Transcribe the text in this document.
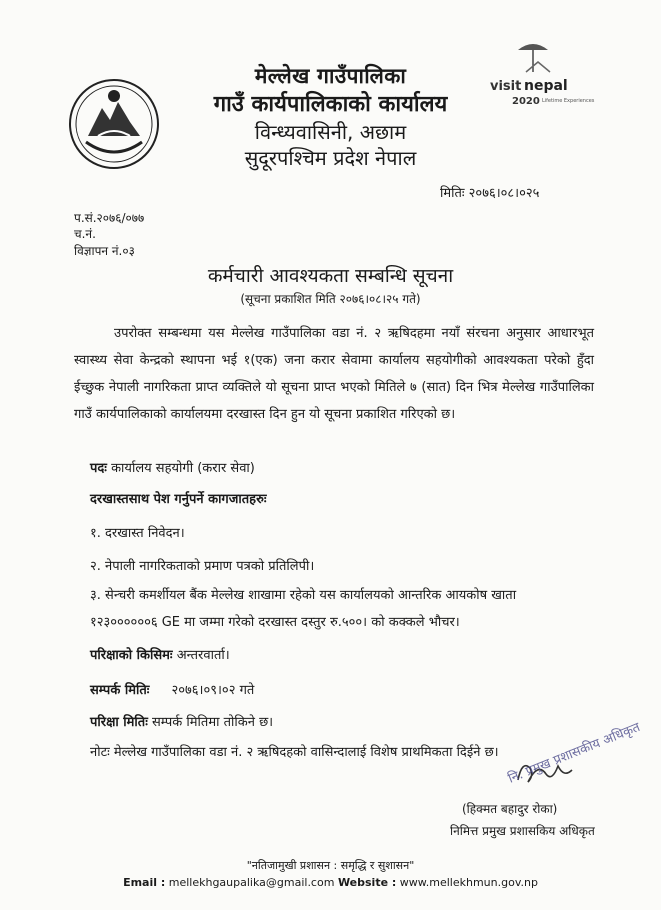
visit nepal
2020 Lifetime Experiences
मेल्लेख गाउँपालिका
गाउँ कार्यपालिकाको कार्यालय
विन्ध्यवासिनी, अछाम
सुदूरपश्चिम प्रदेश नेपाल
मितिः २०७६।०८।०२५
प.सं.२०७६/०७७
च.नं.
विज्ञापन नं.०३
कर्मचारी आवश्यकता सम्बन्धि सूचना
(सूचना प्रकाशित मिति २०७६।०८।२५ गते)
उपरोक्त सम्बन्धमा यस मेल्लेख गाउँपालिका वडा नं. २ ऋषिदहमा नयाँ संरचना अनुसार आधारभूत स्वास्थ्य सेवा केन्द्रको स्थापना भई १(एक) जना करार सेवामा कार्यालय सहयोगीको आवश्यकता परेको हुँदा ईच्छुक नेपाली नागरिकता प्राप्त व्यक्तिले यो सूचना प्राप्त भएको मितिले ७ (सात) दिन भित्र मेल्लेख गाउँपालिका गाउँ कार्यपालिकाको कार्यालयमा दरखास्त दिन हुन यो सूचना प्रकाशित गरिएको छ।
पदः कार्यालय सहयोगी (करार सेवा)
दरखास्तसाथ पेश गर्नुपर्ने कागजातहरुः
१. दरखास्त निवेदन।
२. नेपाली नागरिकताको प्रमाण पत्रको प्रतिलिपी।
३. सेन्चरी कमर्शीयल बैंक मेल्लेख शाखामा रहेको यस कार्यालयको आन्तरिक आयकोष खाता
१२३००००००६ GE मा जम्मा गरेको दरखास्त दस्तुर रु.५००। को कक्कले भौचर।
परिक्षाको किसिमः अन्तरवार्ता।
सम्पर्क मितिः २०७६।०९।०२ गते
परिक्षा मितिः सम्पर्क मितिमा तोकिने छ।
नोटः मेल्लेख गाउँपालिका वडा नं. २ ऋषिदहको वासिन्दालाई विशेष प्राथमिकता दिईने छ। नि. प्रमुख प्रशासकीय अधिकृत
(हिक्मत बहादुर रोका)
निमित्त प्रमुख प्रशासकिय अधिकृत
"नतिजामुखी प्रशासन : समृद्धि र सुशासन"
Email : mellekhgaupalika@gmail.com Website : www.mellekhmun.gov.np
